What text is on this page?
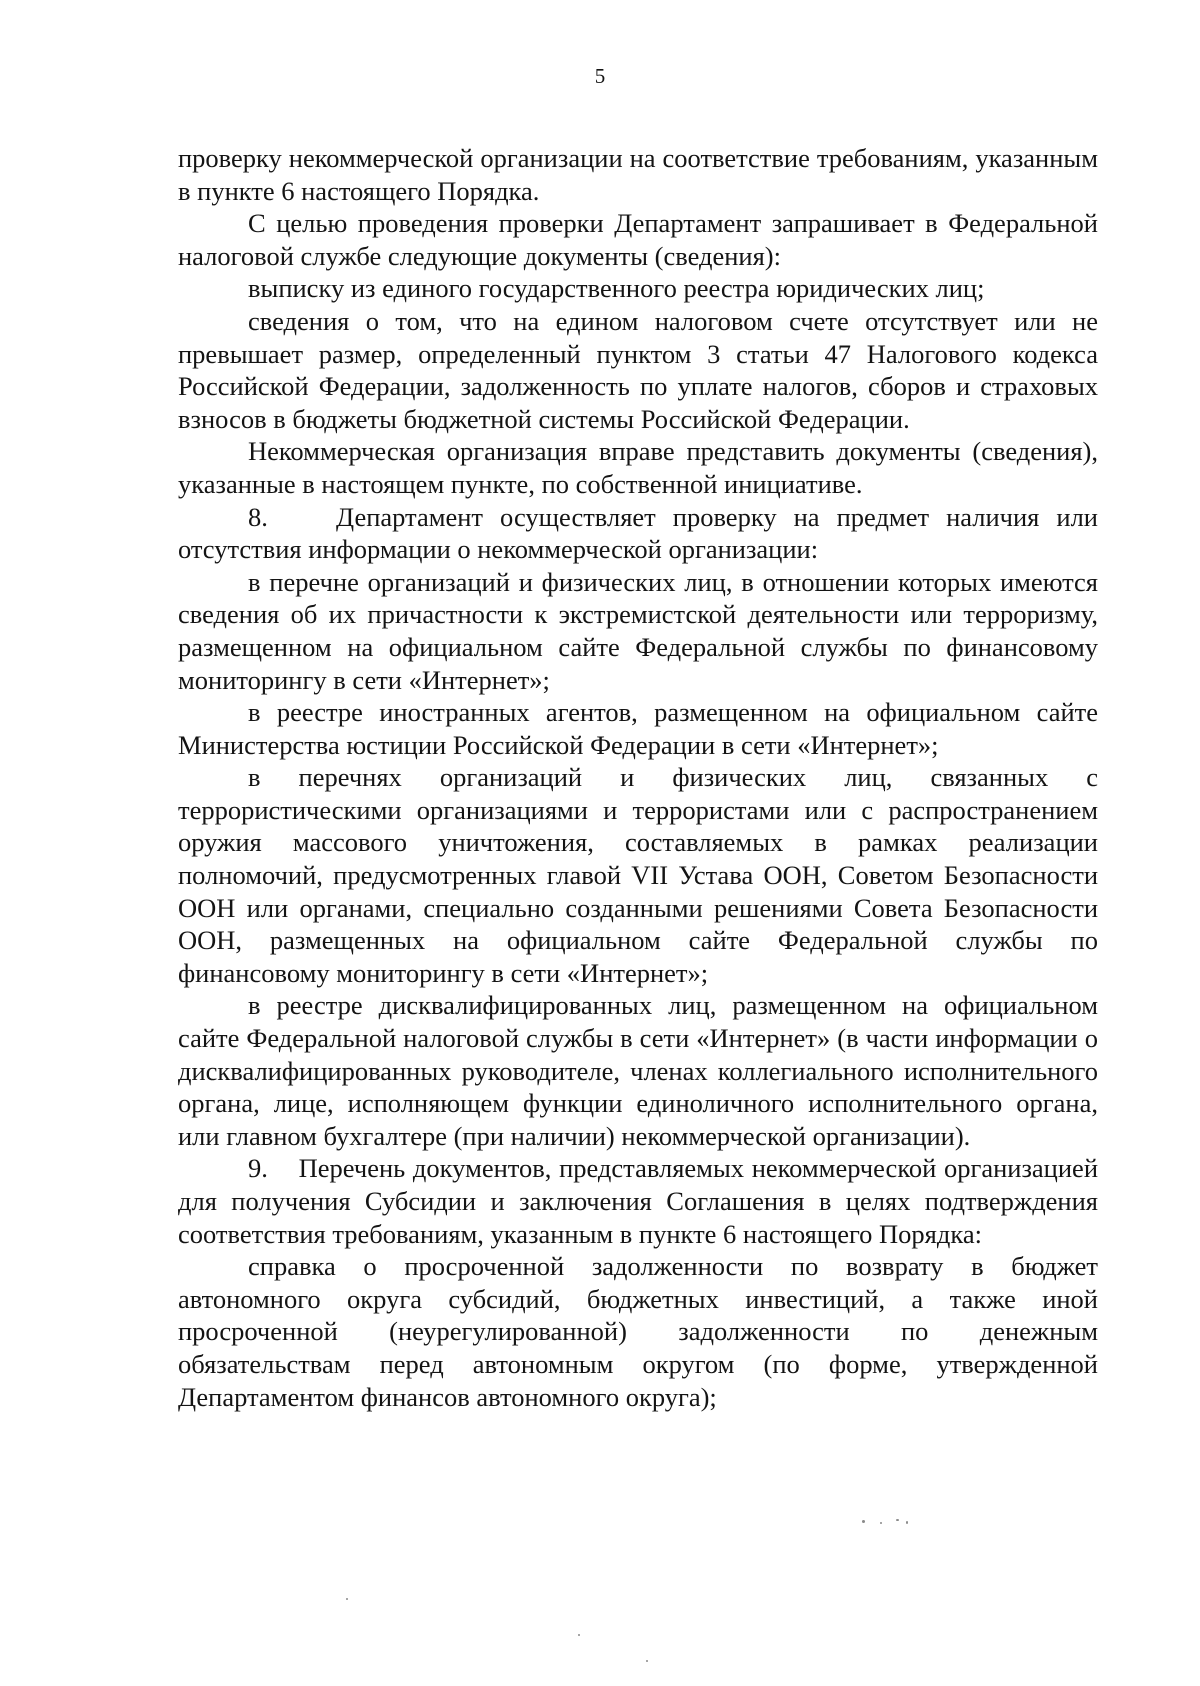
5

проверку некоммерческой организации на соответствие требованиям, указанным в пункте 6 настоящего Порядка.

С целью проведения проверки Департамент запрашивает в Федеральной налоговой службе следующие документы (сведения):

выписку из единого государственного реестра юридических лиц;

сведения о том, что на едином налоговом счете отсутствует или не превышает размер, определенный пунктом 3 статьи 47 Налогового кодекса Российской Федерации, задолженность по уплате налогов, сборов и страховых взносов в бюджеты бюджетной системы Российской Федерации.

Некоммерческая организация вправе представить документы (сведения), указанные в настоящем пункте, по собственной инициативе.

8.    Департамент осуществляет проверку на предмет наличия или отсутствия информации о некоммерческой организации:

в перечне организаций и физических лиц, в отношении которых имеются сведения об их причастности к экстремистской деятельности или терроризму, размещенном на официальном сайте Федеральной службы по финансовому мониторингу в сети «Интернет»;

в реестре иностранных агентов, размещенном на официальном сайте Министерства юстиции Российской Федерации в сети «Интернет»;

в перечнях организаций и физических лиц, связанных с террористическими организациями и террористами или с распространением оружия массового уничтожения, составляемых в рамках реализации полномочий, предусмотренных главой VII Устава ООН, Советом Безопасности ООН или органами, специально созданными решениями Совета Безопасности ООН, размещенных на официальном сайте Федеральной службы по финансовому мониторингу в сети «Интернет»;

в реестре дисквалифицированных лиц, размещенном на официальном сайте Федеральной налоговой службы в сети «Интернет» (в части информации о дисквалифицированных руководителе, членах коллегиального исполнительного органа, лице, исполняющем функции единоличного исполнительного органа, или главном бухгалтере (при наличии) некоммерческой организации).

9.    Перечень документов, представляемых некоммерческой организацией для получения Субсидии и заключения Соглашения в целях подтверждения соответствия требованиям, указанным в пункте 6 настоящего Порядка:

справка о просроченной задолженности по возврату в бюджет автономного округа субсидий, бюджетных инвестиций, а также иной просроченной (неурегулированной) задолженности по денежным обязательствам перед автономным округом (по форме, утвержденной Департаментом финансов автономного округа);
